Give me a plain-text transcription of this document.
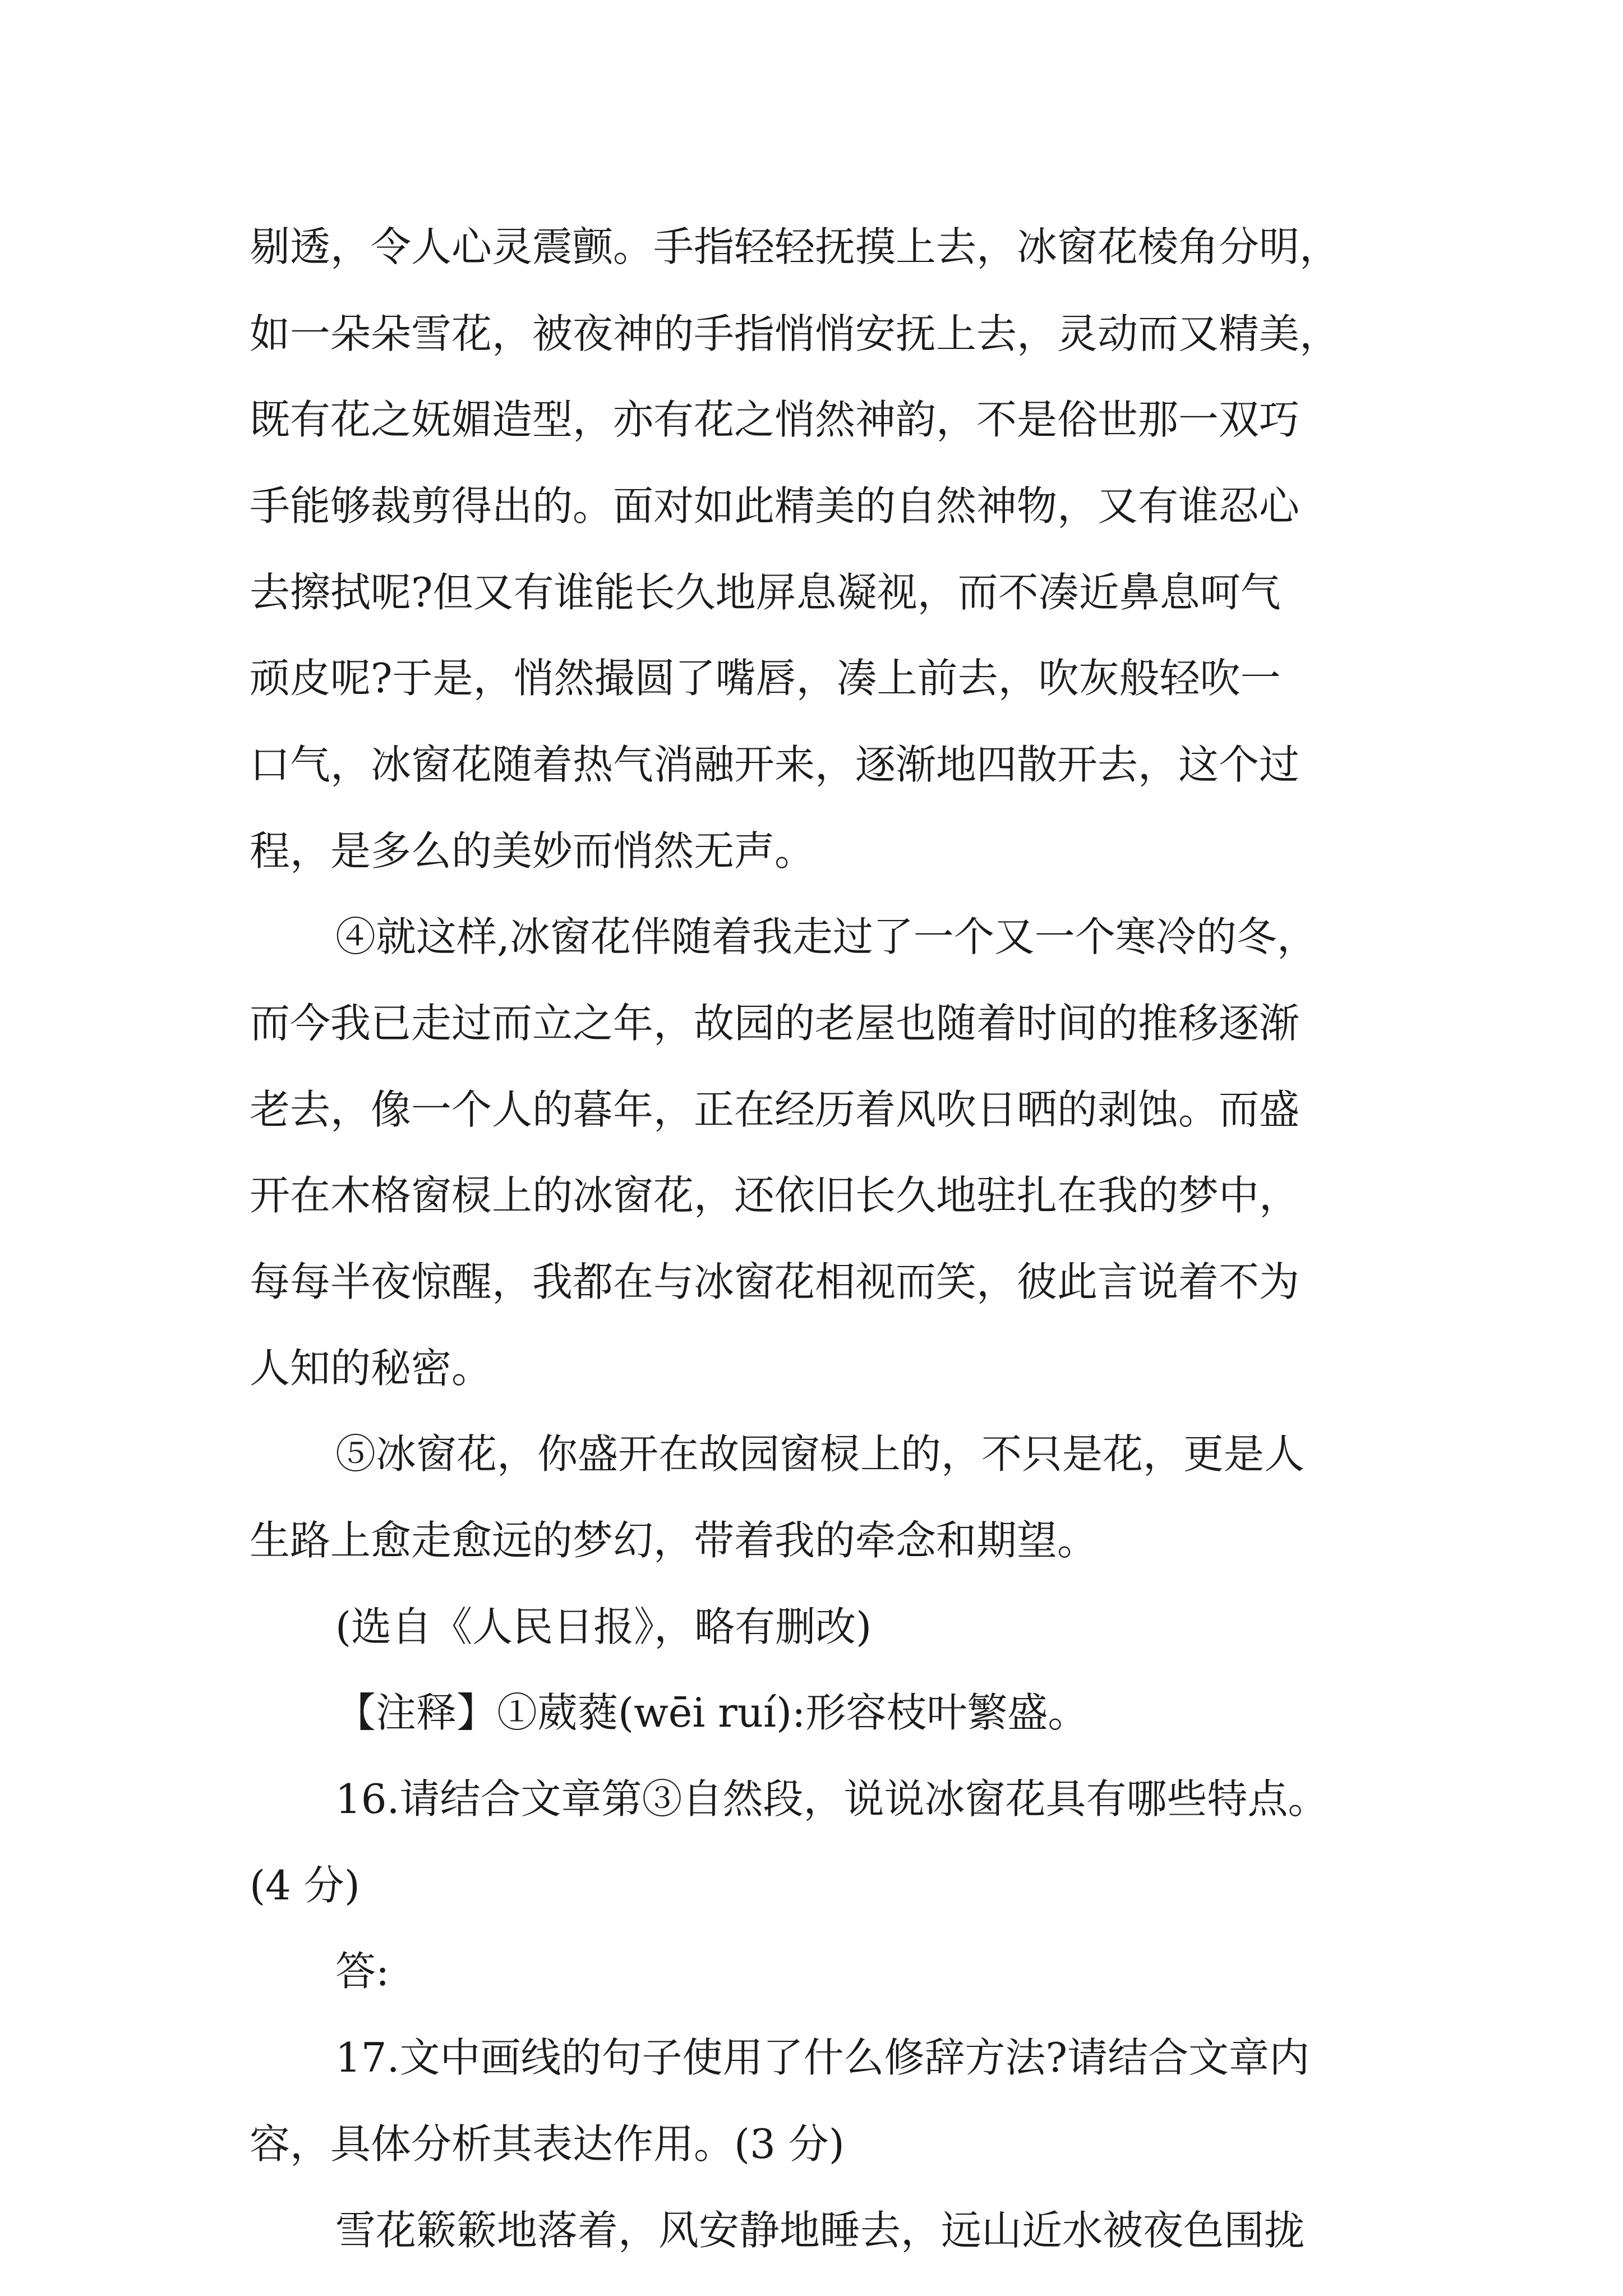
剔透，令人心灵震颤。手指轻轻抚摸上去，冰窗花棱角分明，
如一朵朵雪花，被夜神的手指悄悄安抚上去，灵动而又精美，
既有花之妩媚造型，亦有花之悄然神韵，不是俗世那一双巧
手能够裁剪得出的。面对如此精美的自然神物，又有谁忍心
去擦拭呢?但又有谁能长久地屏息凝视，而不凑近鼻息呵气
顽皮呢?于是，悄然撮圆了嘴唇，凑上前去，吹灰般轻吹一
口气，冰窗花随着热气消融开来，逐渐地四散开去，这个过
程，是多么的美妙而悄然无声。
④就这样,冰窗花伴随着我走过了一个又一个寒冷的冬，
而今我已走过而立之年，故园的老屋也随着时间的推移逐渐
老去，像一个人的暮年，正在经历着风吹日晒的剥蚀。而盛
开在木格窗棂上的冰窗花，还依旧长久地驻扎在我的梦中，
每每半夜惊醒，我都在与冰窗花相视而笑，彼此言说着不为
人知的秘密。
⑤冰窗花，你盛开在故园窗棂上的，不只是花，更是人
生路上愈走愈远的梦幻，带着我的牵念和期望。
(选自《人民日报》，略有删改)
【注释】①葳蕤(wēi ruí):形容枝叶繁盛。
16.请结合文章第③自然段，说说冰窗花具有哪些特点。
(4 分)
答:
17.文中画线的句子使用了什么修辞方法?请结合文章内
容，具体分析其表达作用。(3 分)
雪花簌簌地落着，风安静地睡去，远山近水被夜色围拢
